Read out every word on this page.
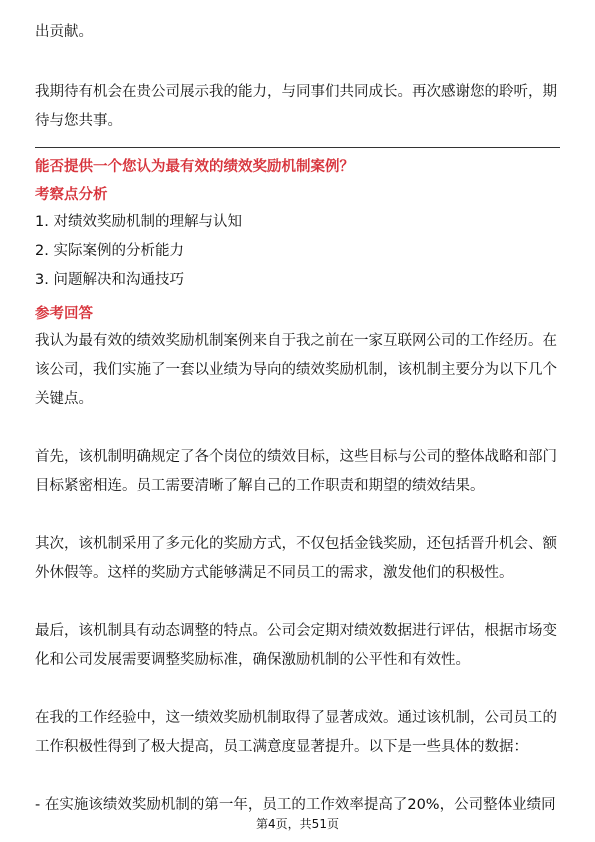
出贡献。
我期待有机会在贵公司展示我的能力，与同事们共同成长。再次感谢您的聆听，期
待与您共事。
能否提供一个您认为最有效的绩效奖励机制案例？
考察点分析
1. 对绩效奖励机制的理解与认知
2. 实际案例的分析能力
3. 问题解决和沟通技巧
参考回答
我认为最有效的绩效奖励机制案例来自于我之前在一家互联网公司的工作经历。在
该公司，我们实施了一套以业绩为导向的绩效奖励机制，该机制主要分为以下几个
关键点。
首先，该机制明确规定了各个岗位的绩效目标，这些目标与公司的整体战略和部门
目标紧密相连。员工需要清晰了解自己的工作职责和期望的绩效结果。
其次，该机制采用了多元化的奖励方式，不仅包括金钱奖励，还包括晋升机会、额
外休假等。这样的奖励方式能够满足不同员工的需求，激发他们的积极性。
最后，该机制具有动态调整的特点。公司会定期对绩效数据进行评估，根据市场变
化和公司发展需要调整奖励标准，确保激励机制的公平性和有效性。
在我的工作经验中，这一绩效奖励机制取得了显著成效。通过该机制，公司员工的
工作积极性得到了极大提高，员工满意度显著提升。以下是一些具体的数据：
- 在实施该绩效奖励机制的第一年，员工的工作效率提高了20%，公司整体业绩同
第4页，共51页
